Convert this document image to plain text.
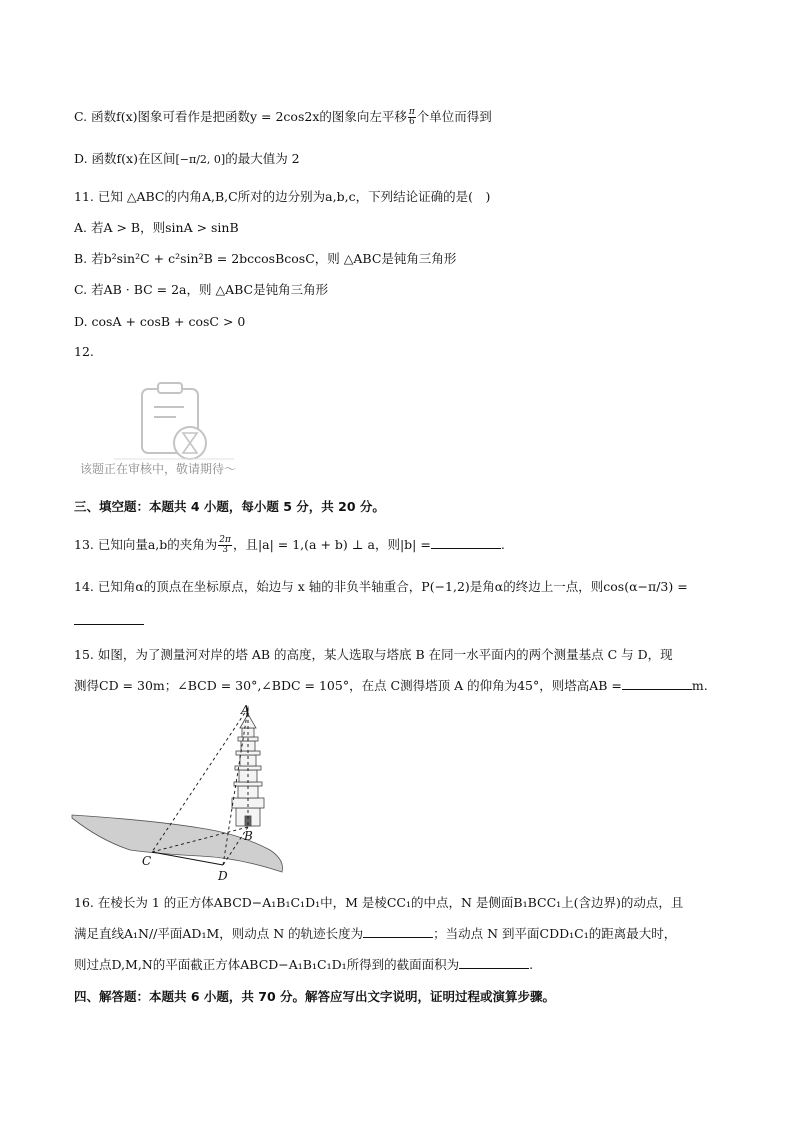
C. 函数f(x)图象可看作是把函数y = 2cos2x的图象向左平移 $\frac{\pi}{6}$ 个单位而得到
D. 函数f(x)在区间[−π/2, 0]的最大值为 2
11. 已知 △ABC的内角A,B,C所对的边分别为a,b,c，下列结论证确的是(　)
A. 若A > B，则sinA > sinB
B. 若b²sin²C + c²sin²B = 2bccosBcosC，则 △ABC是钝角三角形
C. 若AB · BC = 2a，则 △ABC是钝角三角形
D. cosA + cosB + cosC > 0
12.
该题正在审核中，敬请期待～
三、填空题：本题共 4 小题，每小题 5 分，共 20 分。
13. 已知向量a,b的夹角为 $\frac{2\pi}{3}$ ，且|a| = 1,(a + b) ⊥ a，则|b| =	.
14. 已知角α的顶点在坐标原点，始边与 x 轴的非负半轴重合，P(−1,2)是角α的终边上一点，则cos(α−π/3) =
15. 如图，为了测量河对岸的塔 AB 的高度，某人选取与塔底 B 在同一水平面内的两个测量基点 C 与 D，现
测得CD = 30m；∠BCD = 30°,∠BDC = 105°，在点 C测得塔顶 A 的仰角为45°，则塔高AB =	m.
A
B
C
D
16. 在棱长为 1 的正方体ABCD−A₁B₁C₁D₁中，M 是棱CC₁的中点，N 是侧面B₁BCC₁上(含边界)的动点，且
满足直线A₁N//平面AD₁M，则动点 N 的轨迹长度为	；当动点 N 到平面CDD₁C₁的距离最大时，
则过点D,M,N的平面截正方体ABCD−A₁B₁C₁D₁所得到的截面面积为	.
四、解答题：本题共 6 小题，共 70 分。解答应写出文字说明，证明过程或演算步骤。
